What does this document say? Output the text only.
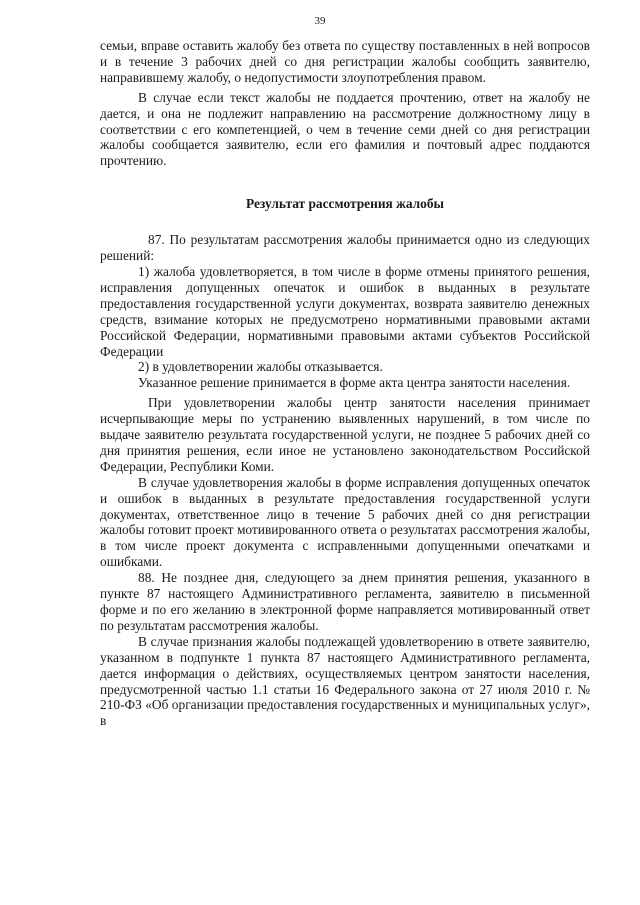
39

семьи, вправе оставить жалобу без ответа по существу поставленных в ней вопросов и в течение 3 рабочих дней со дня регистрации жалобы сообщить заявителю, направившему жалобу, о недопустимости злоупотребления правом.

В случае если текст жалобы не поддается прочтению, ответ на жалобу не дается, и она не подлежит направлению на рассмотрение должностному лицу в соответствии с его компетенцией, о чем в течение семи дней со дня регистрации жалобы сообщается заявителю, если его фамилия и почтовый адрес поддаются прочтению.

Результат рассмотрения жалобы

87. По результатам рассмотрения жалобы принимается одно из следующих решений:

1) жалоба удовлетворяется, в том числе в форме отмены принятого решения, исправления допущенных опечаток и ошибок в выданных в результате предоставления государственной услуги документах, возврата заявителю денежных средств, взимание которых не предусмотрено нормативными правовыми актами Российской Федерации, нормативными правовыми актами субъектов Российской Федерации

2) в удовлетворении жалобы отказывается.

Указанное решение принимается в форме акта центра занятости населения.

При удовлетворении жалобы центр занятости населения принимает исчерпывающие меры по устранению выявленных нарушений, в том числе по выдаче заявителю результата государственной услуги, не позднее 5 рабочих дней со дня принятия решения, если иное не установлено законодательством Российской Федерации, Республики Коми.

В случае удовлетворения жалобы в форме исправления допущенных опечаток и ошибок в выданных в результате предоставления государственной услуги документах, ответственное лицо в течение 5 рабочих дней со дня регистрации жалобы готовит проект мотивированного ответа о результатах рассмотрения жалобы, в том числе проект документа с исправленными допущенными опечатками и ошибками.

88. Не позднее дня, следующего за днем принятия решения, указанного в пункте 87 настоящего Административного регламента, заявителю в письменной форме и по его желанию в электронной форме направляется мотивированный ответ по результатам рассмотрения жалобы.

В случае признания жалобы подлежащей удовлетворению в ответе заявителю, указанном в подпункте 1 пункта 87 настоящего Административного регламента, дается информация о действиях, осуществляемых центром занятости населения, предусмотренной частью 1.1 статьи 16 Федерального закона от 27 июля 2010 г. № 210-ФЗ «Об организации предоставления государственных и муниципальных услуг», в
